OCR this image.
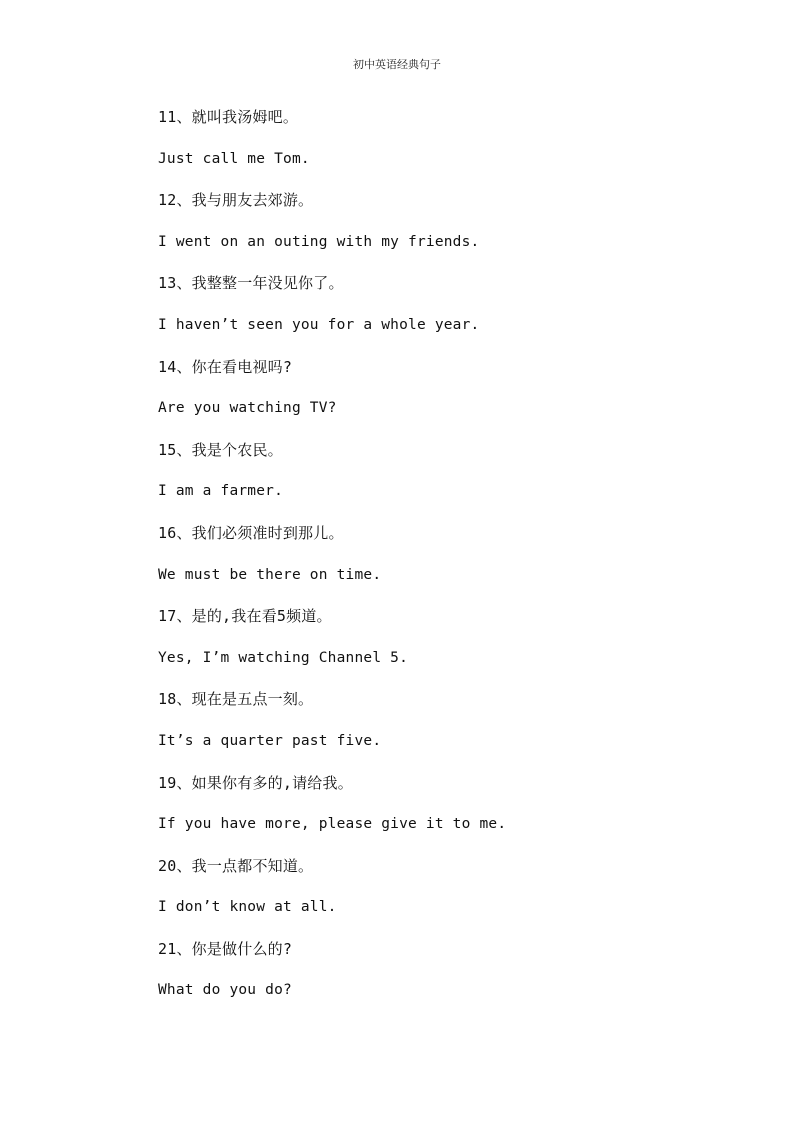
初中英语经典句子
11、就叫我汤姆吧。
Just call me Tom.
12、我与朋友去郊游。
I went on an outing with my friends.
13、我整整一年没见你了。
I haven’t seen you for a whole year.
14、你在看电视吗?
Are you watching TV?
15、我是个农民。
I am a farmer.
16、我们必须准时到那儿。
We must be there on time.
17、是的,我在看5频道。
Yes, I’m watching Channel 5.
18、现在是五点一刻。
It’s a quarter past five.
19、如果你有多的,请给我。
If you have more, please give it to me.
20、我一点都不知道。
I don’t know at all.
21、你是做什么的?
What do you do?
